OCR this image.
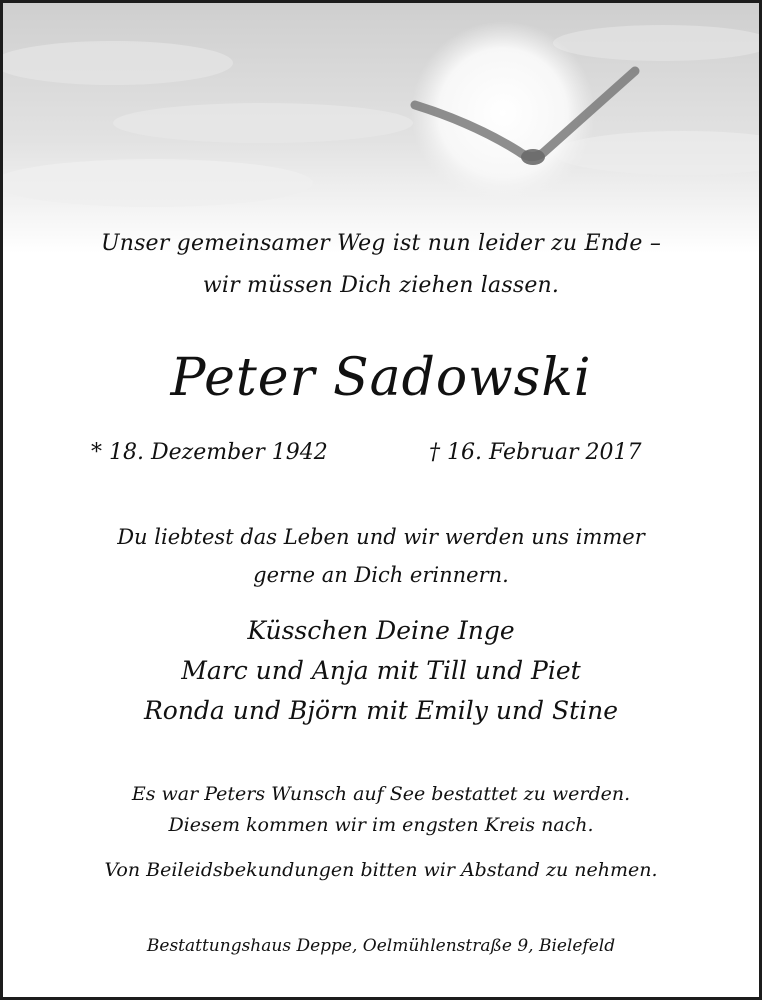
Unser gemeinsamer Weg ist nun leider zu Ende –
wir müssen Dich ziehen lassen.
Peter Sadowski
* 18. Dezember 1942	† 16. Februar 2017
Du liebtest das Leben und wir werden uns immer
gerne an Dich erinnern.
Küsschen Deine Inge
Marc und Anja mit Till und Piet
Ronda und Björn mit Emily und Stine
Es war Peters Wunsch auf See bestattet zu werden.
Diesem kommen wir im engsten Kreis nach.
Von Beileidsbekundungen bitten wir Abstand zu nehmen.
Bestattungshaus Deppe, Oelmühlenstraße 9, Bielefeld
